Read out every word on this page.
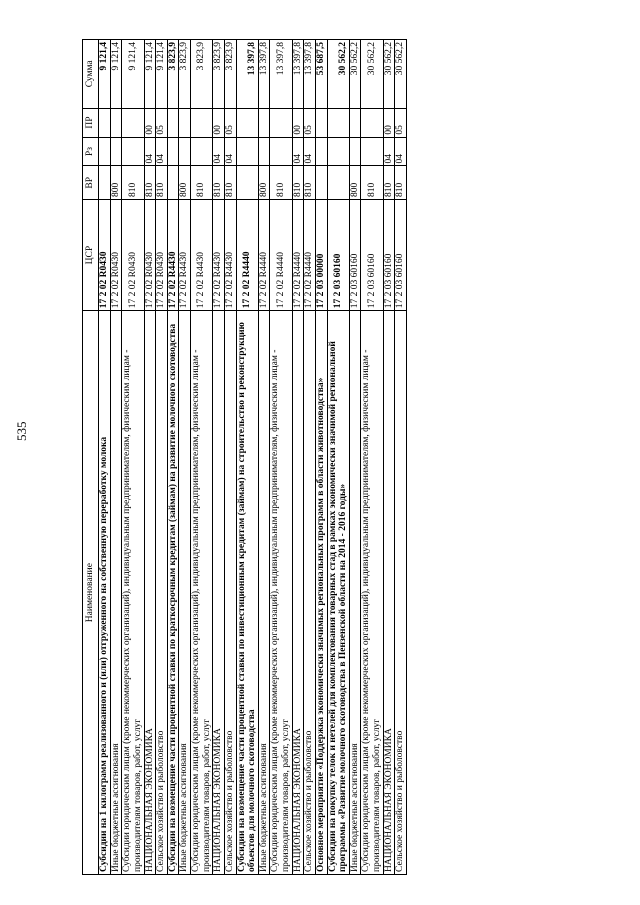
535
Наименование	ЦСР	ВР	Рз	ПР	Сумма
Субсидии на 1 килограмм реализованного и (или) отгруженного на собственную переработку молока	17 2 02 R0430				9 121,4
Иные бюджетные ассигнования	17 2 02 R0430	800			9 121,4
Субсидии юридическим лицам (кроме некоммерческих организаций), индивидуальным предпринимателям, физическим лицам - производителям товаров, работ, услуг	17 2 02 R0430	810			9 121,4
НАЦИОНАЛЬНАЯ ЭКОНОМИКА	17 2 02 R0430	810	04	00	9 121,4
Сельское хозяйство и рыболовство	17 2 02 R0430	810	04	05	9 121,4
Субсидии на возмещение части процентной ставки по краткосрочным кредитам (займам) на развитие молочного скотоводства	17 2 02 R4430				3 823,9
Иные бюджетные ассигнования	17 2 02 R4430	800			3 823,9
Субсидии юридическим лицам (кроме некоммерческих организаций), индивидуальным предпринимателям, физическим лицам - производителям товаров, работ, услуг	17 2 02 R4430	810			3 823,9
НАЦИОНАЛЬНАЯ ЭКОНОМИКА	17 2 02 R4430	810	04	00	3 823,9
Сельское хозяйство и рыболовство	17 2 02 R4430	810	04	05	3 823,9
Субсидии на возмещение части процентной ставки по инвестиционным кредитам (займам) на строительство и реконструкцию объектов для молочного скотоводства	17 2 02 R4440				13 397,8
Иные бюджетные ассигнования	17 2 02 R4440	800			13 397,8
Субсидии юридическим лицам (кроме некоммерческих организаций), индивидуальным предпринимателям, физическим лицам - производителям товаров, работ, услуг	17 2 02 R4440	810			13 397,8
НАЦИОНАЛЬНАЯ ЭКОНОМИКА	17 2 02 R4440	810	04	00	13 397,8
Сельское хозяйство и рыболовство	17 2 02 R4440	810	04	05	13 397,8
Основное мероприятие «Поддержка экономически значимых региональных программ в области животноводства»	17 2 03 00000				53 687,5
Субсидии на покупку телок и нетелей для комплектования товарных стад в рамках экономически значимой региональной программы «Развитие молочного скотоводства в Пензенской области на 2014 - 2016 годы»	17 2 03 60160				30 562,2
Иные бюджетные ассигнования	17 2 03 60160	800			30 562,2
Субсидии юридическим лицам (кроме некоммерческих организаций), индивидуальным предпринимателям, физическим лицам - производителям товаров, работ, услуг	17 2 03 60160	810			30 562,2
НАЦИОНАЛЬНАЯ ЭКОНОМИКА	17 2 03 60160	810	04	00	30 562,2
Сельское хозяйство и рыболовство	17 2 03 60160	810	04	05	30 562,2
